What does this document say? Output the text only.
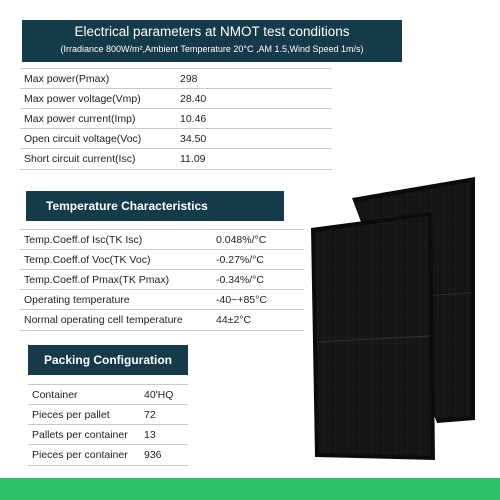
Electrical parameters at NMOT test conditions
(Irradiance 800W/m²,Ambient Temperature 20°C ,AM 1.5,Wind Speed 1m/s)
Max power(Pmax)	298
Max power voltage(Vmp)	28.40
Max power current(Imp)	10.46
Open circuit voltage(Voc)	34.50
Short circuit current(Isc)	11.09
Temperature Characteristics
Temp.Coeff.of Isc(TK Isc)	0.048%/°C
Temp.Coeff.of Voc(TK Voc)	-0.27%/°C
Temp.Coeff.of Pmax(TK Pmax)	-0.34%/°C
Operating temperature	-40~+85°C
Normal operating cell temperature	44±2°C
Packing Configuration
Container	40'HQ
Pieces per pallet	72
Pallets per container 13
Pieces per container 936
